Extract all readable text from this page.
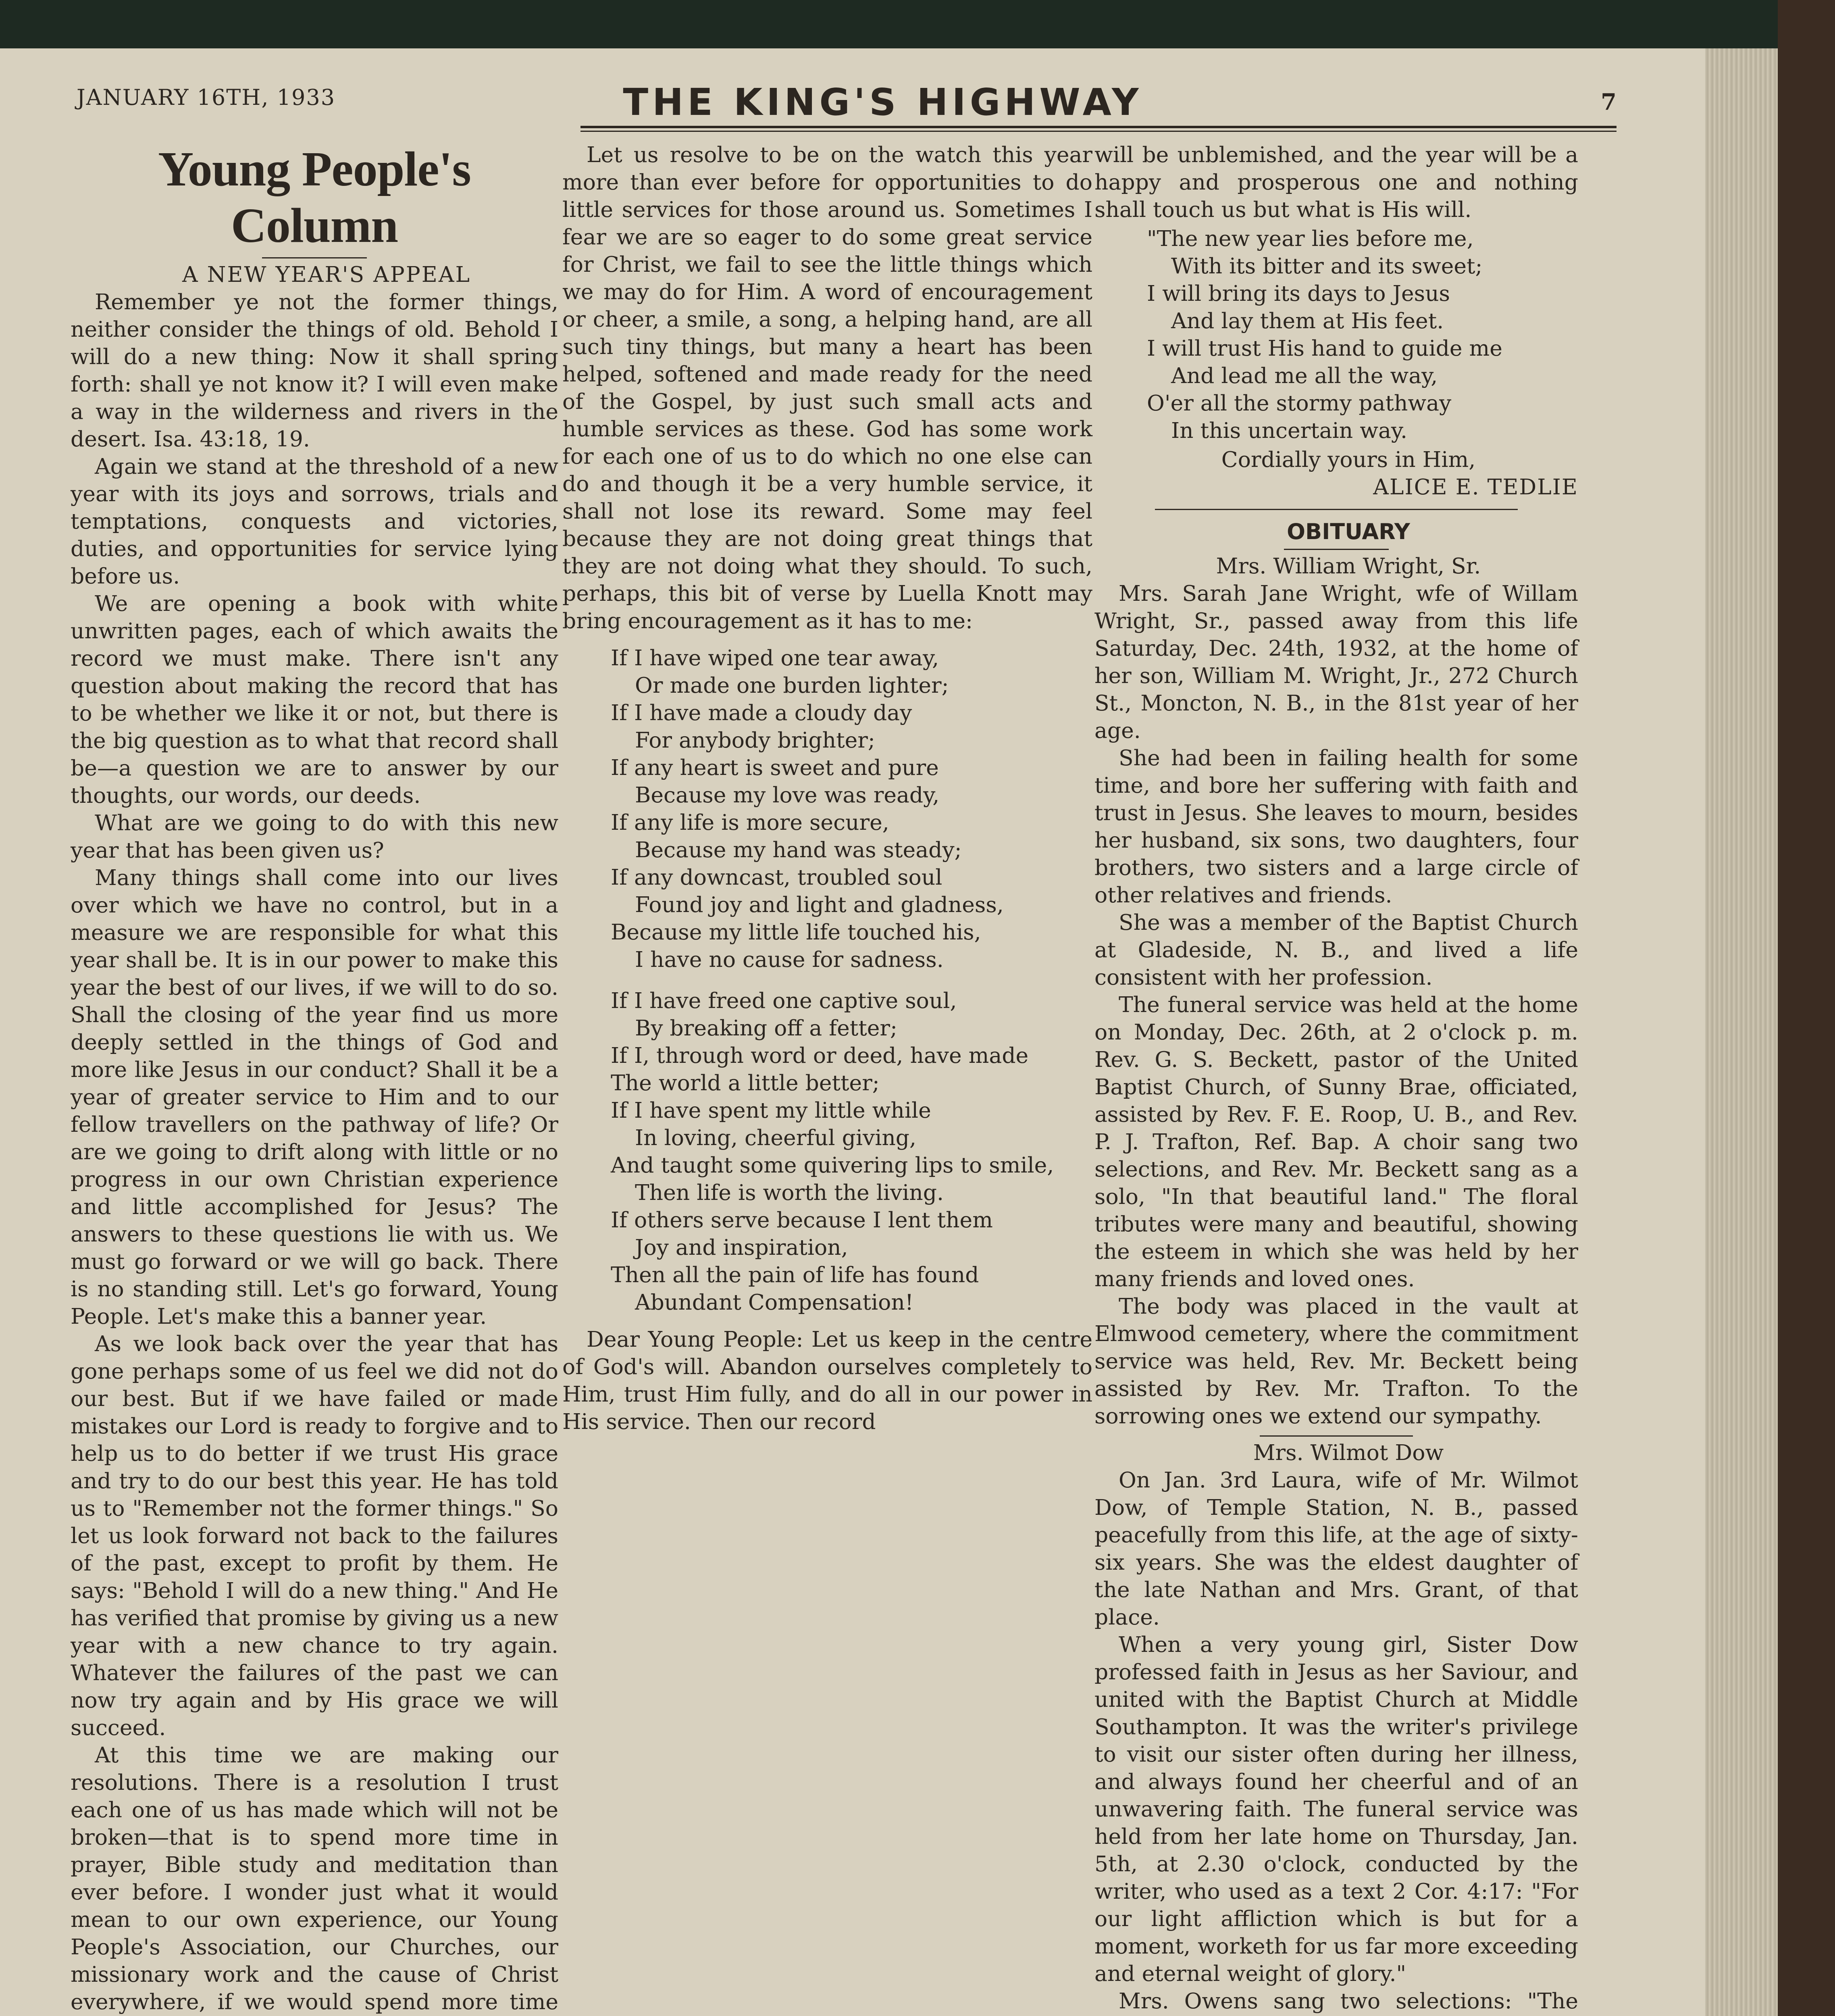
JANUARY 16TH, 1933	THE KING'S HIGHWAY	7
Young People's Column

A NEW YEAR'S APPEAL

Remember ye not the former things, neither consider the things of old. Behold I will do a new thing: Now it shall spring forth: shall ye not know it? I will even make a way in the wilderness and rivers in the desert. Isa. 43:18, 19.

Again we stand at the threshold of a new year with its joys and sorrows, trials and temptations, conquests and victories, duties, and opportunities for service lying before us.

We are opening a book with white unwritten pages, each of which awaits the record we must make. There isn't any question about making the record that has to be whether we like it or not, but there is the big question as to what that record shall be—a question we are to answer by our thoughts, our words, our deeds.

What are we going to do with this new year that has been given us?

Many things shall come into our lives over which we have no control, but in a measure we are responsible for what this year shall be. It is in our power to make this year the best of our lives, if we will to do so. Shall the closing of the year find us more deeply settled in the things of God and more like Jesus in our conduct? Shall it be a year of greater service to Him and to our fellow travellers on the pathway of life? Or are we going to drift along with little or no progress in our own Christian experience and little accomplished for Jesus? The answers to these questions lie with us. We must go forward or we will go back. There is no standing still. Let's go forward, Young People. Let's make this a banner year.

As we look back over the year that has gone perhaps some of us feel we did not do our best. But if we have failed or made mistakes our Lord is ready to forgive and to help us to do better if we trust His grace and try to do our best this year. He has told us to "Remember not the former things." So let us look forward not back to the failures of the past, except to profit by them. He says: "Behold I will do a new thing." And He has verified that promise by giving us a new year with a new chance to try again. Whatever the failures of the past we can now try again and by His grace we will succeed.

At this time we are making our resolutions. There is a resolution I trust each one of us has made which will not be broken—that is to spend more time in prayer, Bible study and meditation than ever before. I wonder just what it would mean to our own experience, our Young People's Association, our Churches, our missionary work and the cause of Christ everywhere, if we would spend more time

Let us resolve to be on the watch this year more than ever before for opportunities to do little services for those around us. Sometimes I fear we are so eager to do some great service for Christ, we fail to see the little things which we may do for Him. A word of encouragement or cheer, a smile, a song, a helping hand, are all such tiny things, but many a heart has been helped, softened and made ready for the need of the Gospel, by just such small acts and humble services as these. God has some work for each one of us to do which no one else can do and though it be a very humble service, it shall not lose its reward. Some may feel because they are not doing great things that they are not doing what they should. To such, perhaps, this bit of verse by Luella Knott may bring encouragement as it has to me:

If I have wiped one tear away,
Or made one burden lighter;
If I have made a cloudy day
For anybody brighter;
If any heart is sweet and pure
Because my love was ready,
If any life is more secure,
Because my hand was steady;
If any downcast, troubled soul
Found joy and light and gladness,
Because my little life touched his,
I have no cause for sadness.
If I have freed one captive soul,
By breaking off a fetter;
If I, through word or deed, have made
The world a little better;
If I have spent my little while
In loving, cheerful giving,
And taught some quivering lips to smile,
Then life is worth the living.
If others serve because I lent them
Joy and inspiration,
Then all the pain of life has found
Abundant Compensation!

Dear Young People: Let us keep in the centre of God's will. Abandon ourselves completely to Him, trust Him fully, and do all in our power in His service. Then our record

will be unblemished, and the year will be a happy and prosperous one and nothing shall touch us but what is His will.

"The new year lies before me,
With its bitter and its sweet;
I will bring its days to Jesus
And lay them at His feet.
I will trust His hand to guide me
And lead me all the way,
O'er all the stormy pathway
In this uncertain way.

Cordially yours in Him,

ALICE E. TEDLIE

OBITUARY

Mrs. William Wright, Sr.

Mrs. Sarah Jane Wright, wfe of Willam Wright, Sr., passed away from this life Saturday, Dec. 24th, 1932, at the home of her son, William M. Wright, Jr., 272 Church St., Moncton, N. B., in the 81st year of her age.

She had been in failing health for some time, and bore her suffering with faith and trust in Jesus. She leaves to mourn, besides her husband, six sons, two daughters, four brothers, two sisters and a large circle of other relatives and friends.

She was a member of the Baptist Church at Gladeside, N. B., and lived a life consistent with her profession.

The funeral service was held at the home on Monday, Dec. 26th, at 2 o'clock p. m. Rev. G. S. Beckett, pastor of the United Baptist Church, of Sunny Brae, officiated, assisted by Rev. F. E. Roop, U. B., and Rev. P. J. Trafton, Ref. Bap. A choir sang two selections, and Rev. Mr. Beckett sang as a solo, "In that beautiful land." The floral tributes were many and beautiful, showing the esteem in which she was held by her many friends and loved ones.

The body was placed in the vault at Elmwood cemetery, where the commitment service was held, Rev. Mr. Beckett being assisted by Rev. Mr. Trafton. To the sorrowing ones we extend our sympathy.

Mrs. Wilmot Dow

On Jan. 3rd Laura, wife of Mr. Wilmot Dow, of Temple Station, N. B., passed peacefully from this life, at the age of sixty-six years. She was the eldest daughter of the late Nathan and Mrs. Grant, of that place.

When a very young girl, Sister Dow professed faith in Jesus as her Saviour, and united with the Baptist Church at Middle Southampton. It was the writer's privilege to visit our sister often during her illness, and always found her cheerful and of an unwavering faith. The funeral service was held from her late home on Thursday, Jan. 5th, at 2.30 o'clock, conducted by the writer, who used as a text 2 Cor. 4:17: "For our light affliction which is but for a moment, worketh for us far more exceeding and eternal weight of glory."

Mrs. Owens sang two selections: "The
